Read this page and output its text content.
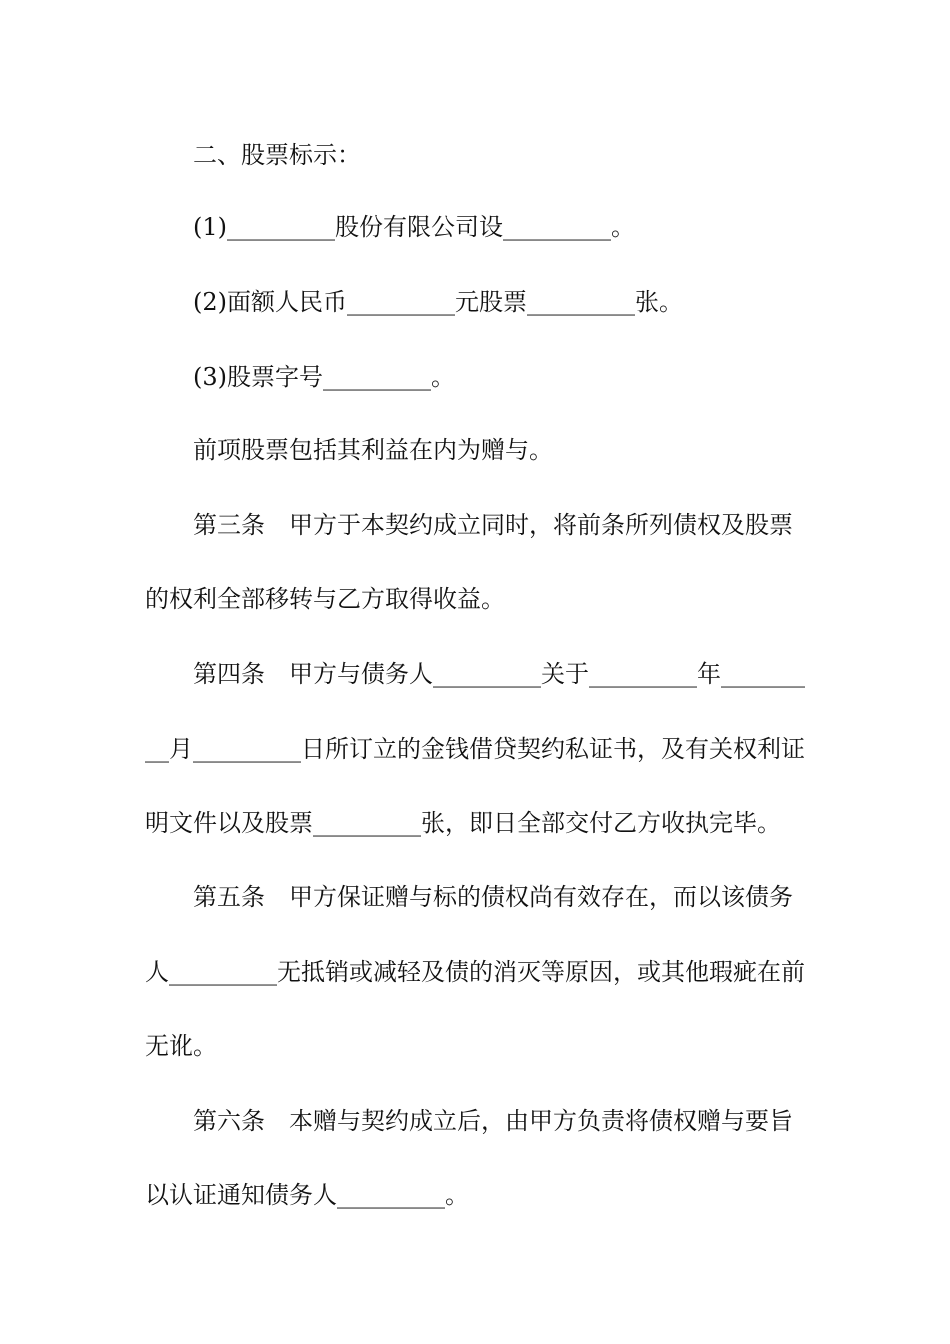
二、股票标示：
(1)_________股份有限公司设_________。
(2)面额人民币_________元股票_________张。
(3)股票字号_________。
前项股票包括其利益在内为赠与。
第三条　甲方于本契约成立同时，将前条所列债权及股票
的权利全部移转与乙方取得收益。
第四条　甲方与债务人_________关于_________年_______
__月_________日所订立的金钱借贷契约私证书，及有关权利证
明文件以及股票_________张，即日全部交付乙方收执完毕。
第五条　甲方保证赠与标的债权尚有效存在，而以该债务
人_________无抵销或减轻及债的消灭等原因，或其他瑕疵在前
无讹。
第六条　本赠与契约成立后，由甲方负责将债权赠与要旨
以认证通知债务人_________。
